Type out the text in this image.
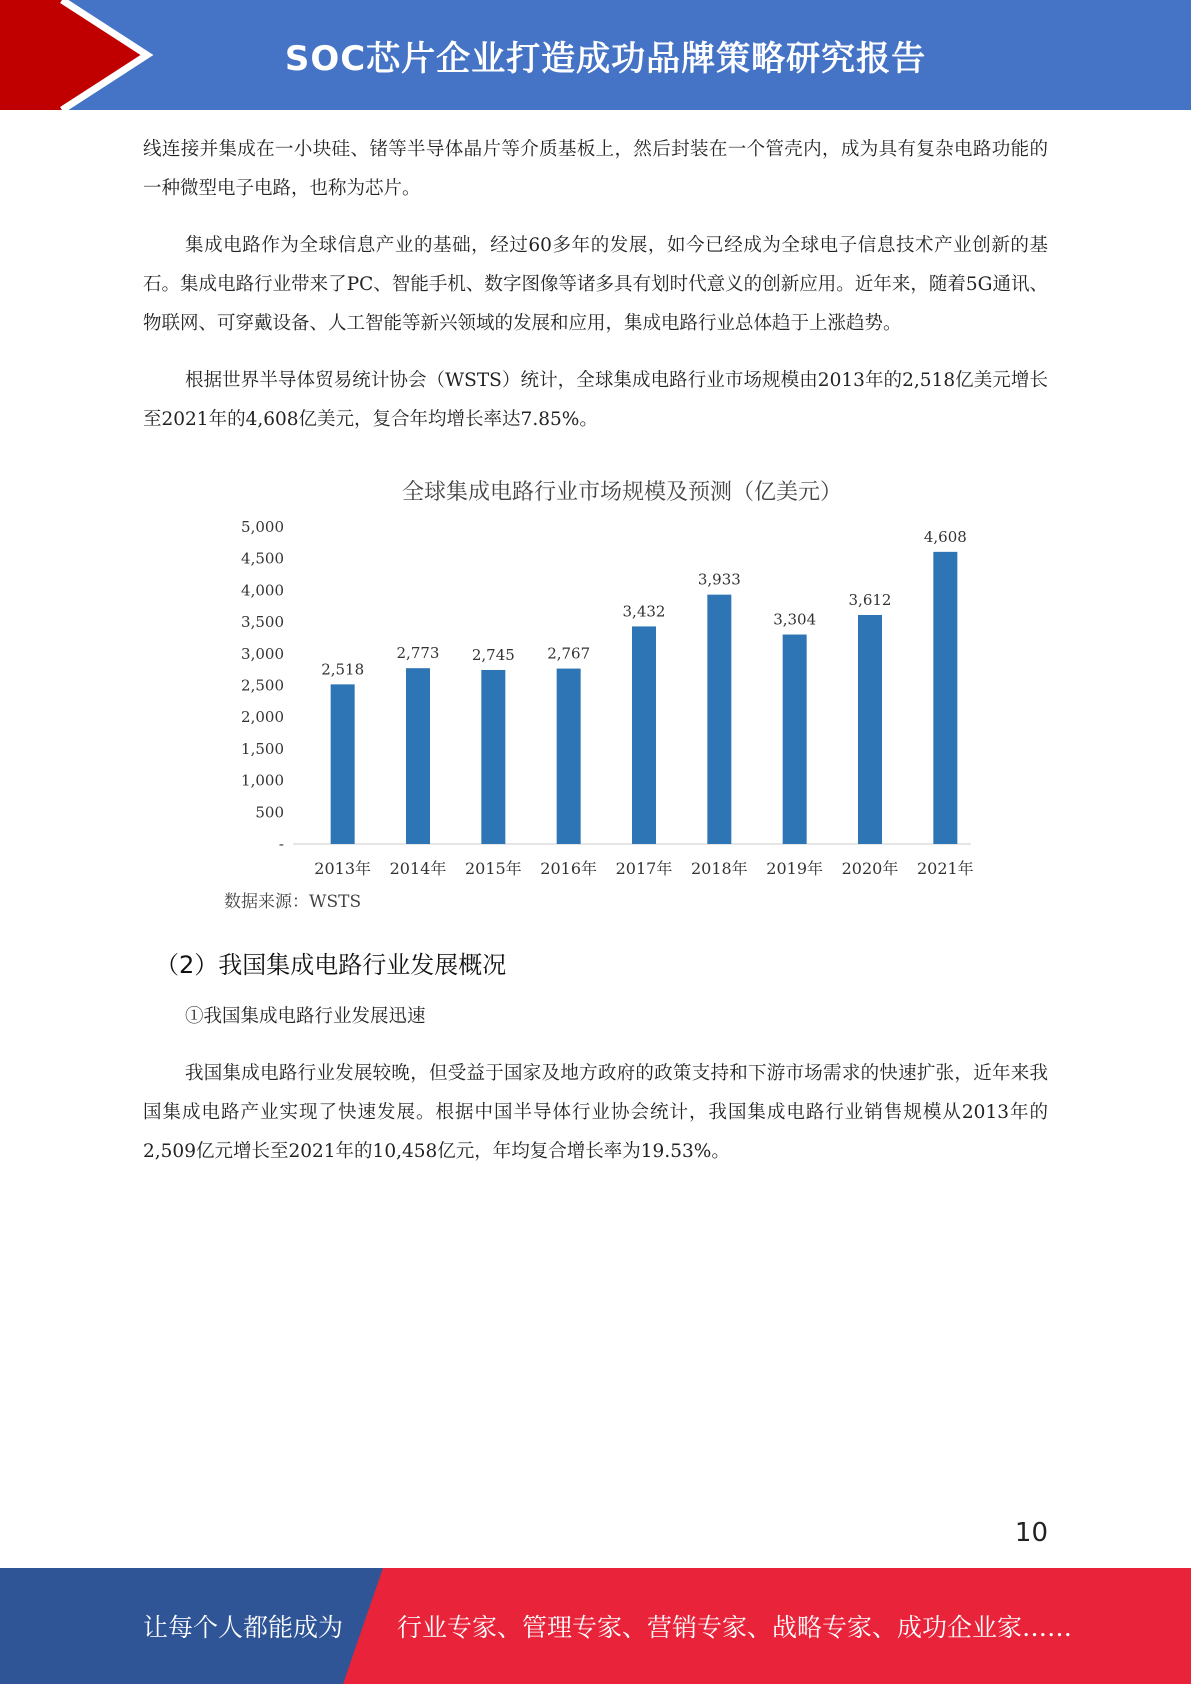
SOC芯片企业打造成功品牌策略研究报告

线连接并集成在一小块硅、锗等半导体晶片等介质基板上，然后封装在一个管壳内，成为具有复杂电路功能的一种微型电子电路，也称为芯片。

集成电路作为全球信息产业的基础，经过60多年的发展，如今已经成为全球电子信息技术产业创新的基石。集成电路行业带来了PC、智能手机、数字图像等诸多具有划时代意义的创新应用。近年来，随着5G通讯、物联网、可穿戴设备、人工智能等新兴领域的发展和应用，集成电路行业总体趋于上涨趋势。

根据世界半导体贸易统计协会（WSTS）统计，全球集成电路行业市场规模由2013年的2,518亿美元增长至2021年的4,608亿美元，复合年均增长率达7.85%。

全球集成电路行业市场规模及预测（亿美元）
-
500
1,000
1,500
2,000
2,500
3,000
3,500
4,000
4,500
5,000
2,518
2013年
2,773
2014年
2,745
2015年
2,767
2016年
3,432
2017年
3,933
2018年
3,304
2019年
3,612
2020年
4,608
2021年
数据来源：WSTS
（2）我国集成电路行业发展概况
①我国集成电路行业发展迅速

我国集成电路行业发展较晚，但受益于国家及地方政府的政策支持和下游市场需求的快速扩张，近年来我国集成电路产业实现了快速发展。根据中国半导体行业协会统计，我国集成电路行业销售规模从2013年的2,509亿元增长至2021年的10,458亿元，年均复合增长率为19.53%。

10
让每个人都能成为 行业专家、管理专家、营销专家、战略专家、成功企业家……
